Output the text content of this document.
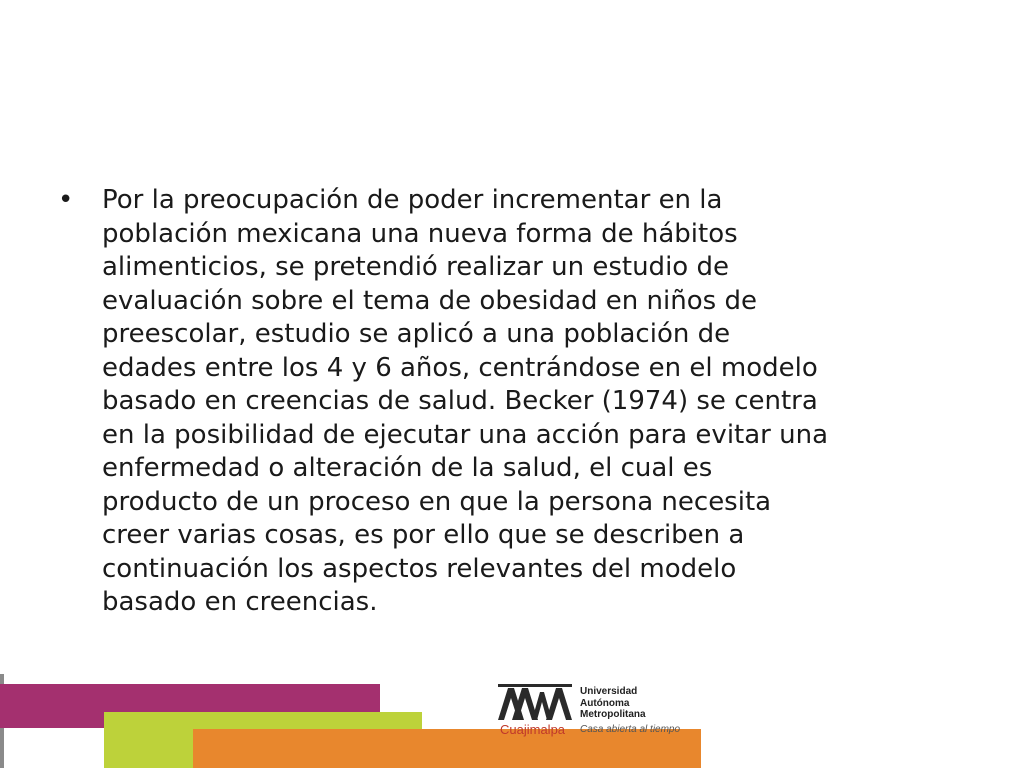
• Por la preocupación de poder incrementar en la
población mexicana una nueva forma de hábitos
alimenticios, se pretendió realizar un estudio de
evaluación sobre el tema de obesidad en niños de
preescolar, estudio se aplicó a una población de
edades entre los 4 y 6 años, centrándose en el modelo
basado en creencias de salud. Becker (1974) se centra
en la posibilidad de ejecutar una acción para evitar una
enfermedad o alteración de la salud, el cual es
producto de un proceso en que la persona necesita
creer varias cosas, es por ello que se describen a
continuación los aspectos relevantes del modelo
basado en creencias.
Cuajimalpa
Universidad
Autónoma
Metropolitana
Casa abierta al tiempo
